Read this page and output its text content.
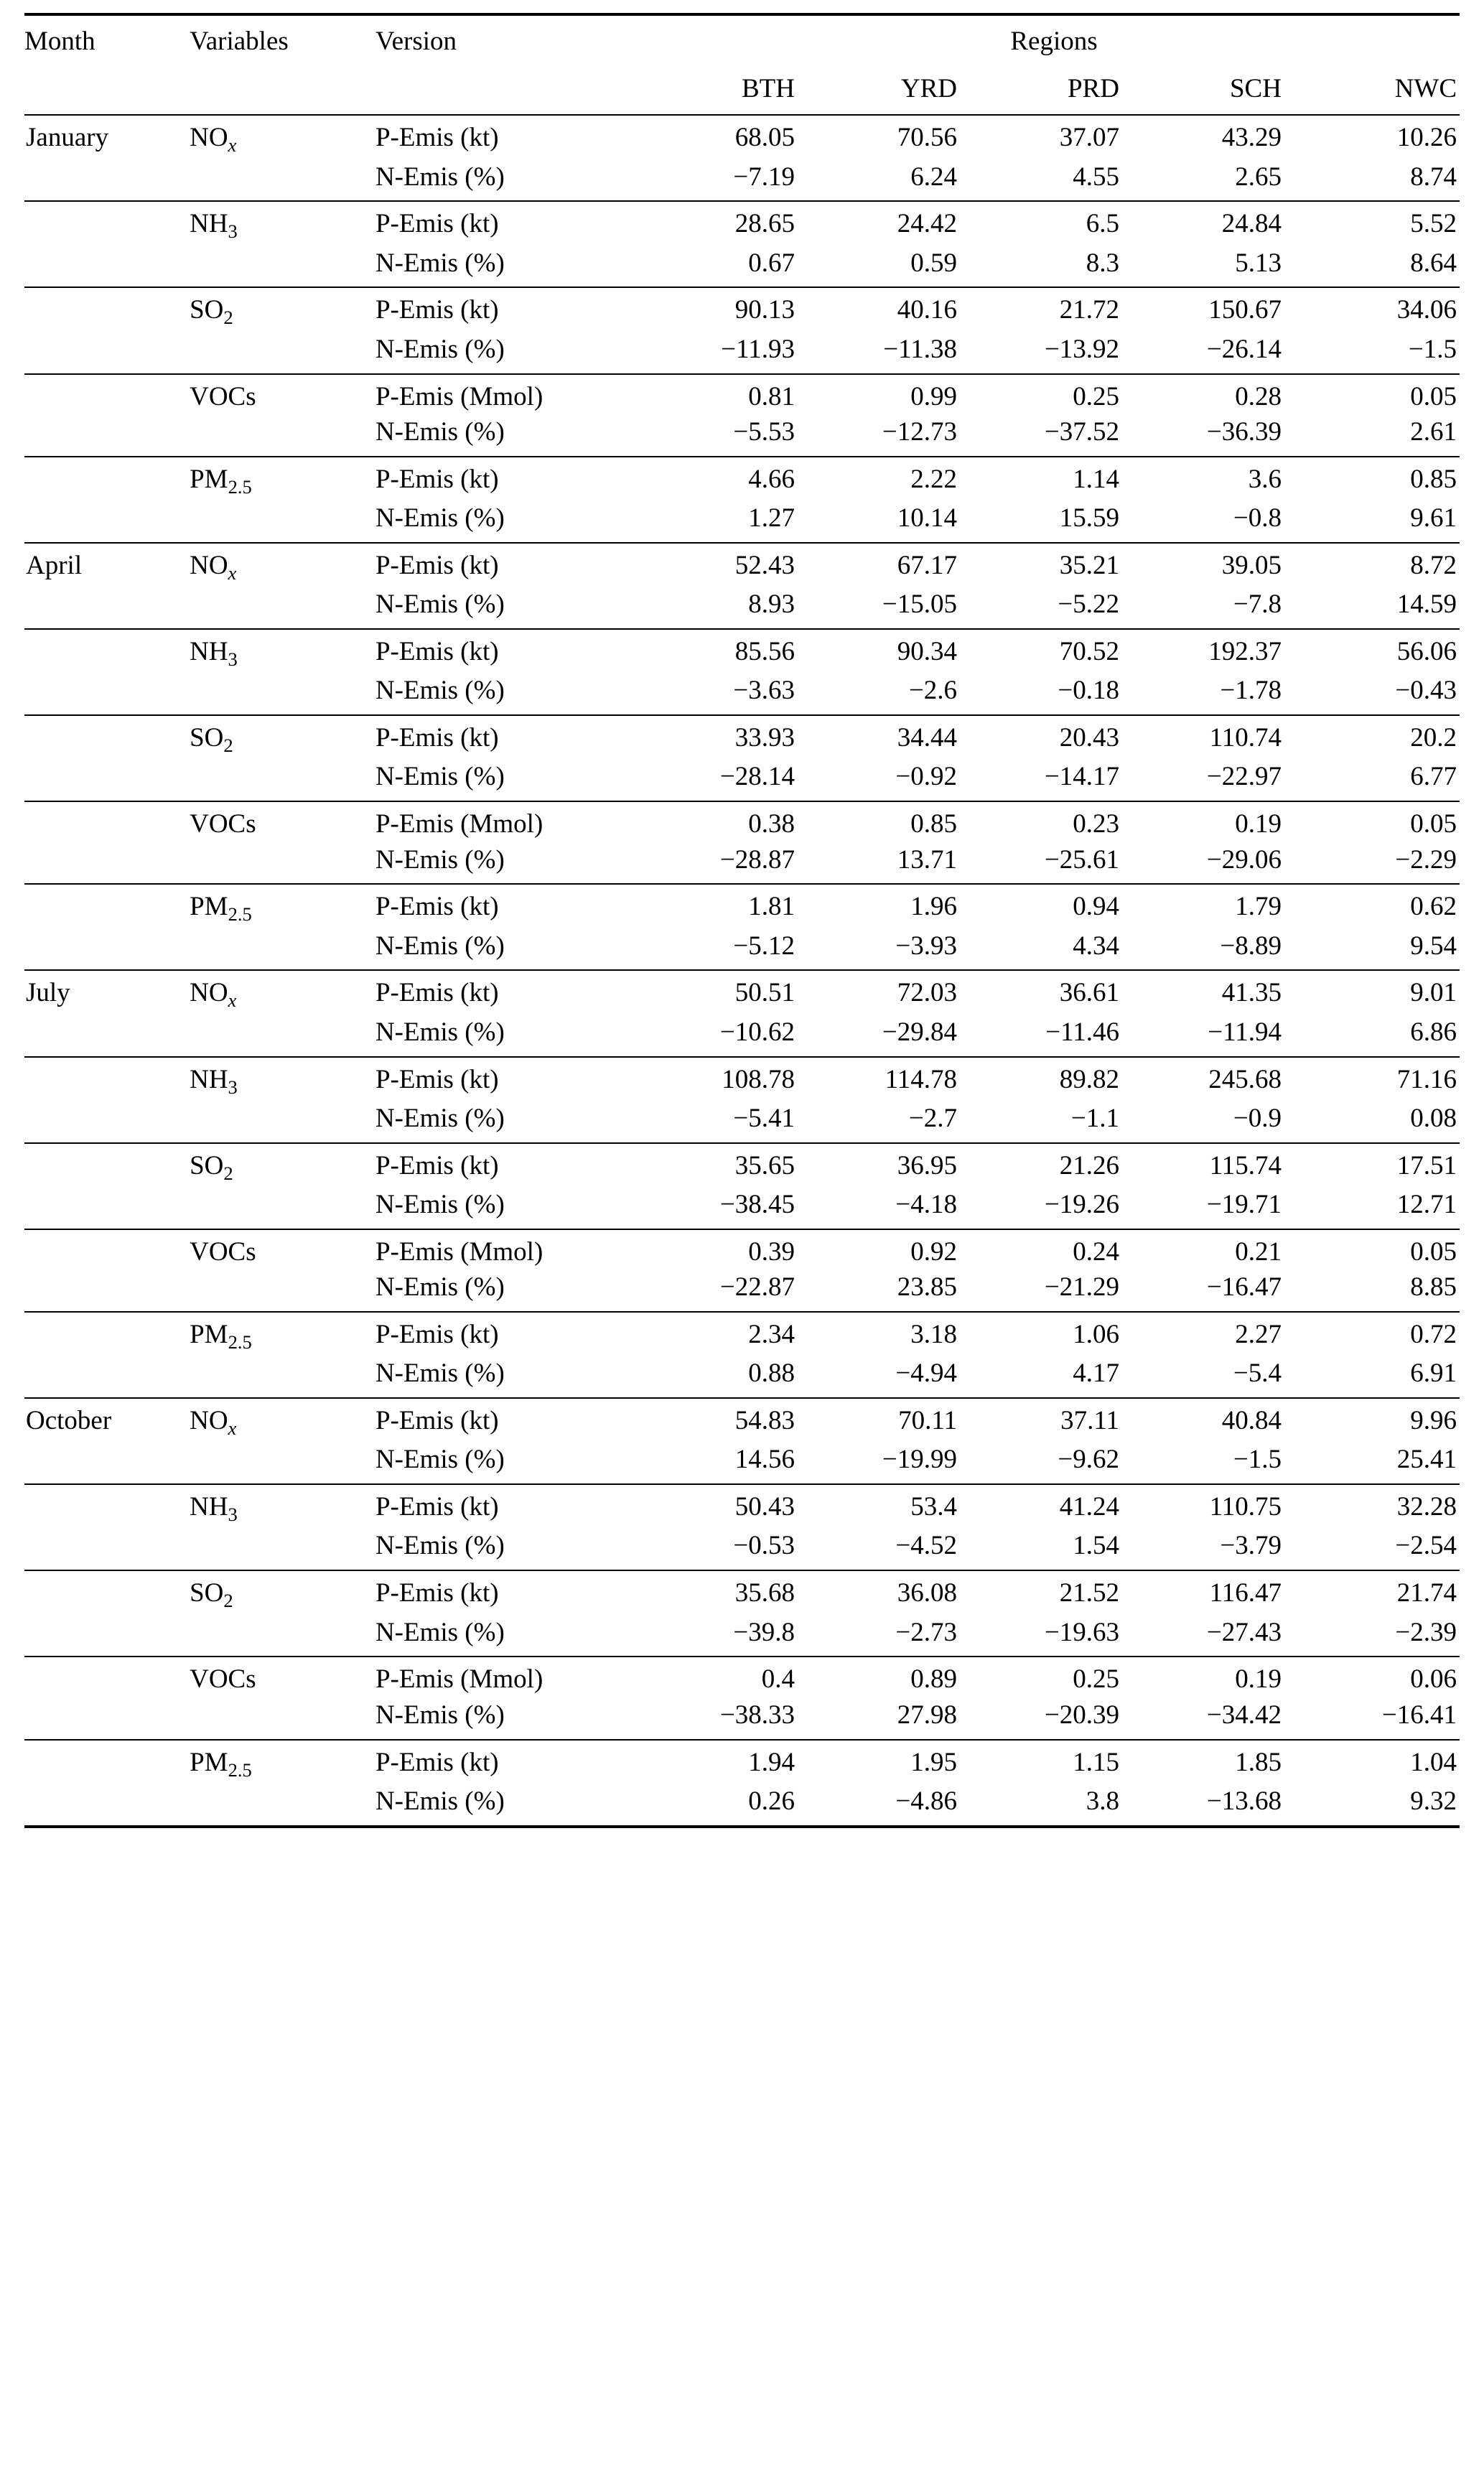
Month	Variables	Version	Regions				
			BTH	YRD	PRD	SCH	NWC
January	$NO_x$	P-Emis (kt)	68.05	70.56	37.07	43.29	10.26
		N-Emis (%)	−7.19	6.24	4.55	2.65	8.74
	$NH_3$	P-Emis (kt)	28.65	24.42	6.5	24.84	5.52
		N-Emis (%)	0.67	0.59	8.3	5.13	8.64
	$SO_2$	P-Emis (kt)	90.13	40.16	21.72	150.67	34.06
		N-Emis (%)	−11.93	−11.38	−13.92	−26.14	−1.5
	VOCs	P-Emis (Mmol)	0.81	0.99	0.25	0.28	0.05
		N-Emis (%)	−5.53	−12.73	−37.52	−36.39	2.61
	$PM_{2.5}$	P-Emis (kt)	4.66	2.22	1.14	3.6	0.85
		N-Emis (%)	1.27	10.14	15.59	−0.8	9.61
April	$NO_x$	P-Emis (kt)	52.43	67.17	35.21	39.05	8.72
		N-Emis (%)	8.93	−15.05	−5.22	−7.8	14.59
	$NH_3$	P-Emis (kt)	85.56	90.34	70.52	192.37	56.06
		N-Emis (%)	−3.63	−2.6	−0.18	−1.78	−0.43
	$SO_2$	P-Emis (kt)	33.93	34.44	20.43	110.74	20.2
		N-Emis (%)	−28.14	−0.92	−14.17	−22.97	6.77
	VOCs	P-Emis (Mmol)	0.38	0.85	0.23	0.19	0.05
		N-Emis (%)	−28.87	13.71	−25.61	−29.06	−2.29
	$PM_{2.5}$	P-Emis (kt)	1.81	1.96	0.94	1.79	0.62
		N-Emis (%)	−5.12	−3.93	4.34	−8.89	9.54
July	$NO_x$	P-Emis (kt)	50.51	72.03	36.61	41.35	9.01
		N-Emis (%)	−10.62	−29.84	−11.46	−11.94	6.86
	$NH_3$	P-Emis (kt)	108.78	114.78	89.82	245.68	71.16
		N-Emis (%)	−5.41	−2.7	−1.1	−0.9	0.08
	$SO_2$	P-Emis (kt)	35.65	36.95	21.26	115.74	17.51
		N-Emis (%)	−38.45	−4.18	−19.26	−19.71	12.71
	VOCs	P-Emis (Mmol)	0.39	0.92	0.24	0.21	0.05
		N-Emis (%)	−22.87	23.85	−21.29	−16.47	8.85
	$PM_{2.5}$	P-Emis (kt)	2.34	3.18	1.06	2.27	0.72
		N-Emis (%)	0.88	−4.94	4.17	−5.4	6.91
October	$NO_x$	P-Emis (kt)	54.83	70.11	37.11	40.84	9.96
		N-Emis (%)	14.56	−19.99	−9.62	−1.5	25.41
	$NH_3$	P-Emis (kt)	50.43	53.4	41.24	110.75	32.28
		N-Emis (%)	−0.53	−4.52	1.54	−3.79	−2.54
	$SO_2$	P-Emis (kt)	35.68	36.08	21.52	116.47	21.74
		N-Emis (%)	−39.8	−2.73	−19.63	−27.43	−2.39
	VOCs	P-Emis (Mmol)	0.4	0.89	0.25	0.19	0.06
		N-Emis (%)	−38.33	27.98	−20.39	−34.42	−16.41
	$PM_{2.5}$	P-Emis (kt)	1.94	1.95	1.15	1.85	1.04
		N-Emis (%)	0.26	−4.86	3.8	−13.68	9.32
